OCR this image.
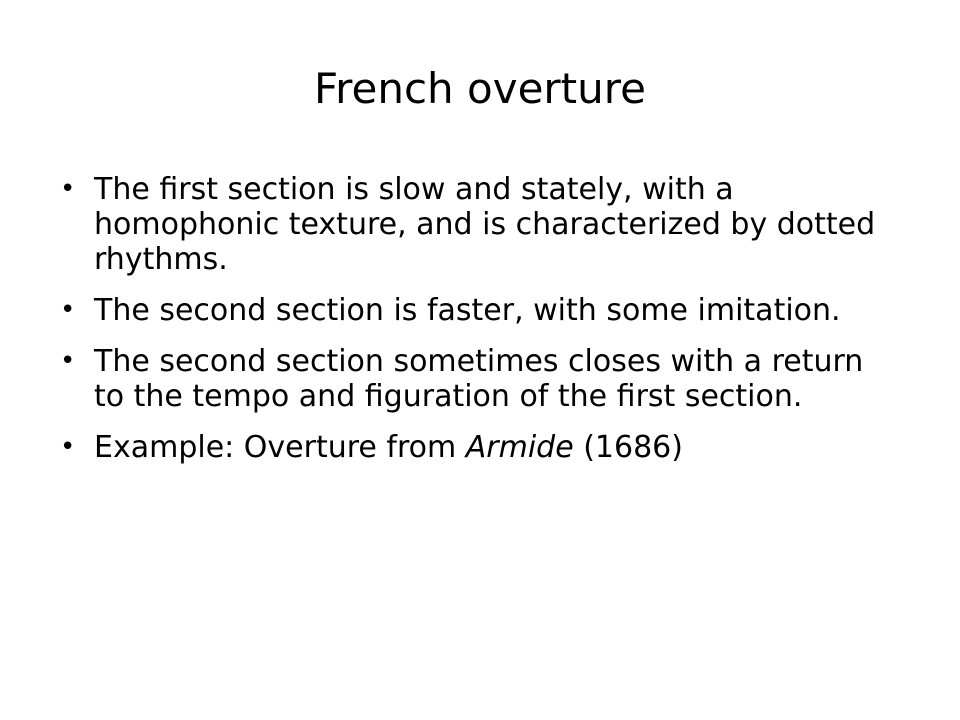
French overture
• The first section is slow and stately, with a homophonic texture, and is characterized by dotted rhythms.
• The second section is faster, with some imitation.
• The second section sometimes closes with a return to the tempo and figuration of the first section.
• Example: Overture from Armide (1686)
